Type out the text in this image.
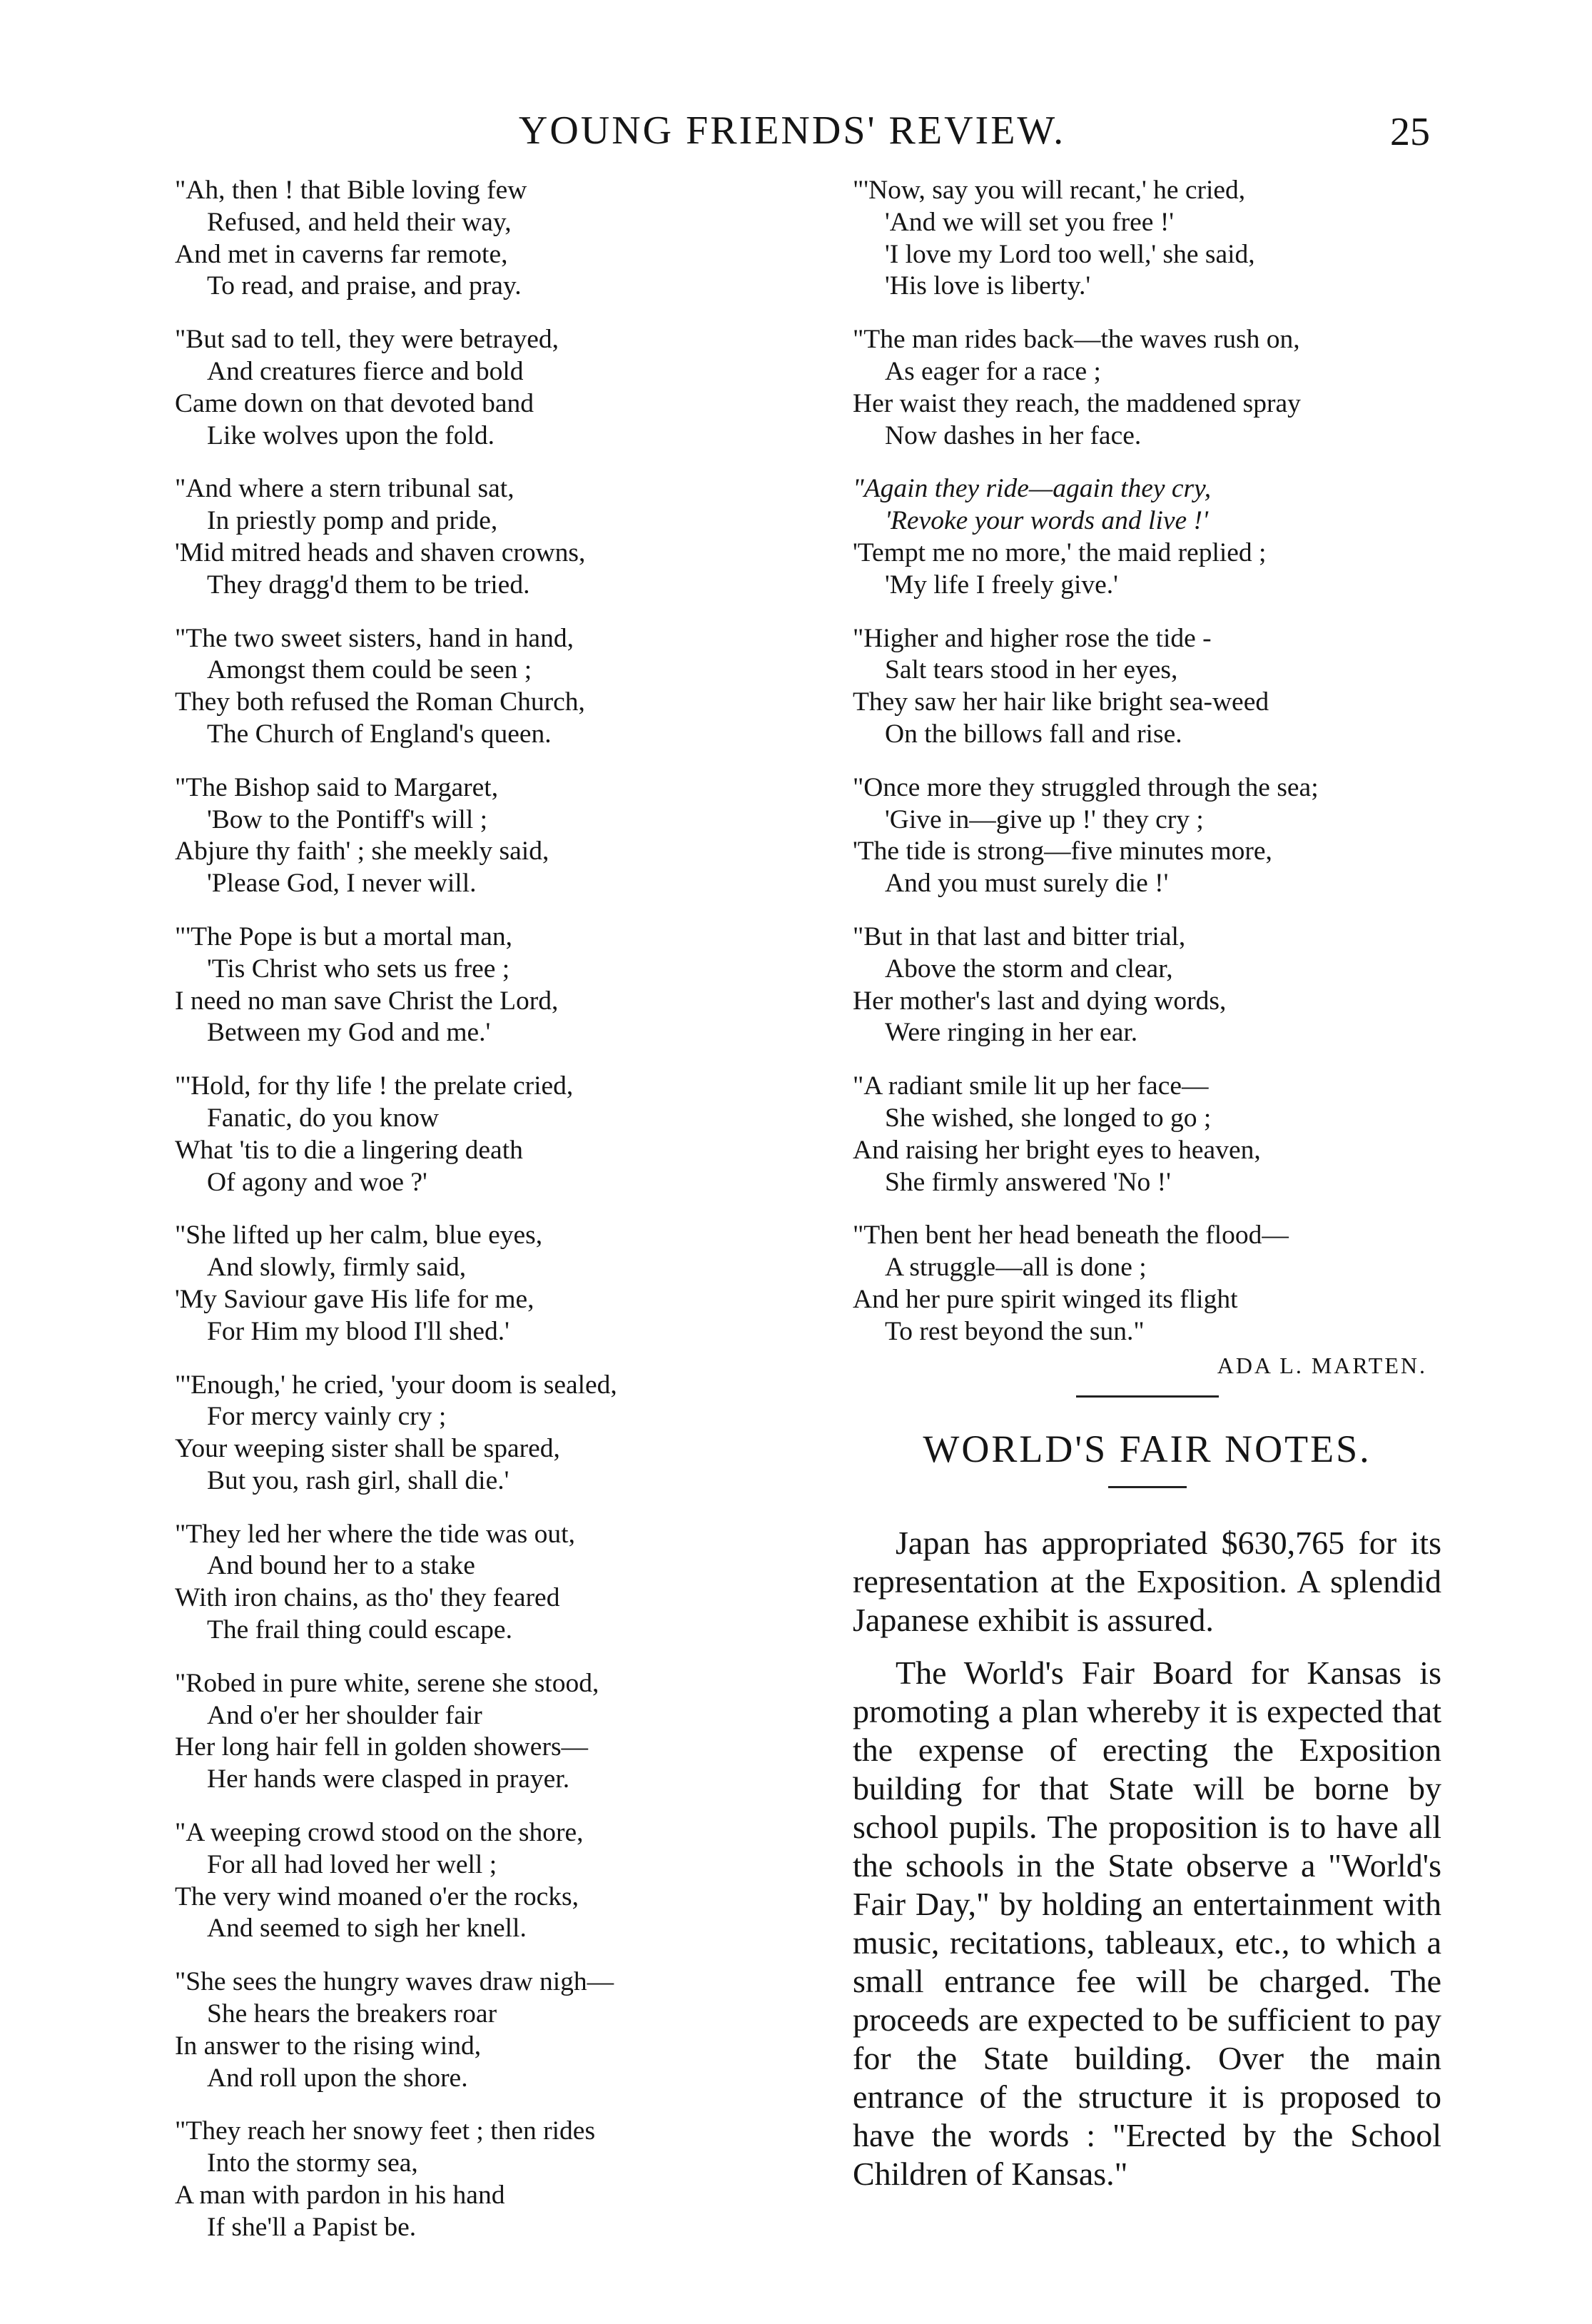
YOUNG FRIENDS' REVIEW.	25
"Ah, then ! that Bible loving few
Refused, and held their way,
And met in caverns far remote,
To read, and praise, and pray.
"But sad to tell, they were betrayed,
And creatures fierce and bold
Came down on that devoted band
Like wolves upon the fold.
"And where a stern tribunal sat,
In priestly pomp and pride,
'Mid mitred heads and shaven crowns,
They dragg'd them to be tried.
"The two sweet sisters, hand in hand,
Amongst them could be seen ;
They both refused the Roman Church,
The Church of England's queen.
"The Bishop said to Margaret,
'Bow to the Pontiff's will ;
Abjure thy faith' ; she meekly said,
'Please God, I never will.
"'The Pope is but a mortal man,
'Tis Christ who sets us free ;
I need no man save Christ the Lord,
Between my God and me.'
"'Hold, for thy life ! the prelate cried,
Fanatic, do you know
What 'tis to die a lingering death
Of agony and woe ?'
"She lifted up her calm, blue eyes,
And slowly, firmly said,
'My Saviour gave His life for me,
For Him my blood I'll shed.'
"'Enough,' he cried, 'your doom is sealed,
For mercy vainly cry ;
Your weeping sister shall be spared,
But you, rash girl, shall die.'
"They led her where the tide was out,
And bound her to a stake
With iron chains, as tho' they feared
The frail thing could escape.
"Robed in pure white, serene she stood,
And o'er her shoulder fair
Her long hair fell in golden showers—
Her hands were clasped in prayer.
"A weeping crowd stood on the shore,
For all had loved her well ;
The very wind moaned o'er the rocks,
And seemed to sigh her knell.
"She sees the hungry waves draw nigh—
She hears the breakers roar
In answer to the rising wind,
And roll upon the shore.
"They reach her snowy feet ; then rides
Into the stormy sea,
A man with pardon in his hand
If she'll a Papist be.
"'Now, say you will recant,' he cried,
'And we will set you free !'
'I love my Lord too well,' she said,
'His love is liberty.'
"The man rides back—the waves rush on,
As eager for a race ;
Her waist they reach, the maddened spray
Now dashes in her face.
"Again they ride—again they cry,
'Revoke your words and live !'
'Tempt me no more,' the maid replied ;
'My life I freely give.'
"Higher and higher rose the tide -
Salt tears stood in her eyes,
They saw her hair like bright sea-weed
On the billows fall and rise.
"Once more they struggled through the sea;
'Give in—give up !' they cry ;
'The tide is strong—five minutes more,
And you must surely die !'
"But in that last and bitter trial,
Above the storm and clear,
Her mother's last and dying words,
Were ringing in her ear.
"A radiant smile lit up her face—
She wished, she longed to go ;
And raising her bright eyes to heaven,
She firmly answered 'No !'
"Then bent her head beneath the flood—
A struggle—all is done ;
And her pure spirit winged its flight
To rest beyond the sun."
ADA L. MARTEN.
WORLD'S FAIR NOTES.

Japan has appropriated $630,765 for its representation at the Exposition. A splendid Japanese exhibit is assured.

The World's Fair Board for Kansas is promoting a plan whereby it is expected that the expense of erecting the Exposition building for that State will be borne by school pupils. The proposition is to have all the schools in the State observe a "World's Fair Day," by holding an entertainment with music, recitations, tableaux, etc., to which a small entrance fee will be charged. The proceeds are expected to be sufficient to pay for the State building. Over the main entrance of the structure it is proposed to have the words : "Erected by the School Children of Kansas."
